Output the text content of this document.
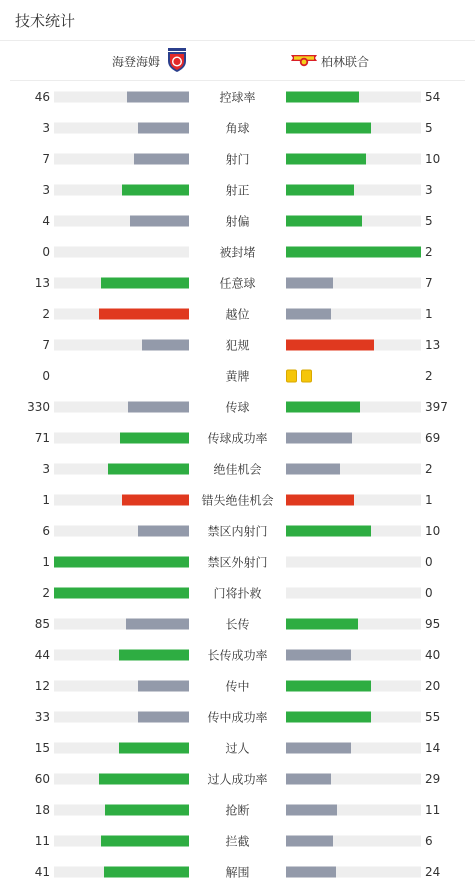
技术统计
海登海姆	柏林联合
46	控球率	54
3	角球	5
7	射门	10
3	射正	3
4	射偏	5
0	被封堵	2
13	任意球	7
2	越位	1
7	犯规	13
0	黄牌	2
330	传球	397
71	传球成功率	69
3	绝佳机会	2
1	错失绝佳机会	1
6	禁区内射门	10
1	禁区外射门	0
2	门将扑救	0
85	长传	95
44	长传成功率	40
12	传中	20
33	传中成功率	55
15	过人	14
60	过人成功率	29
18	抢断	11
11	拦截	6
41	解围	24
